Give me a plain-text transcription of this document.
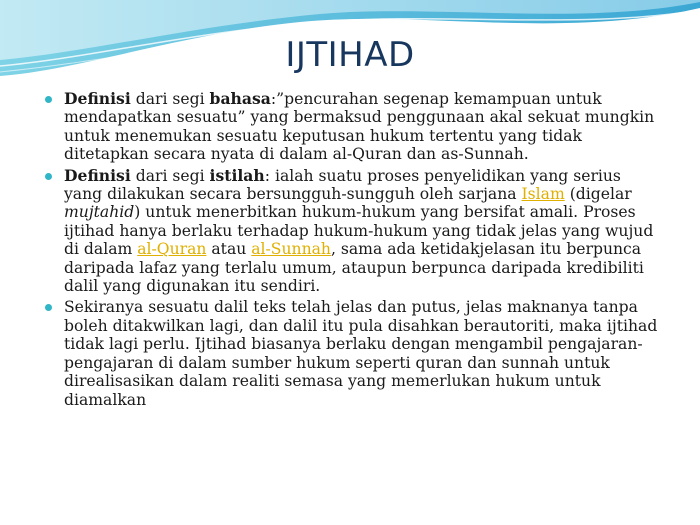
IJTIHAD
Definisi dari segi bahasa:”pencurahan segenap kemampuan untuk mendapatkan sesuatu” yang bermaksud penggunaan akal sekuat mungkin untuk menemukan sesuatu keputusan hukum tertentu yang tidak ditetapkan secara nyata di dalam al-Quran dan as-Sunnah.
Definisi dari segi istilah: ialah suatu proses penyelidikan yang serius yang dilakukan secara bersungguh-sungguh oleh sarjana Islam (digelar mujtahid) untuk menerbitkan hukum-hukum yang bersifat amali. Proses ijtihad hanya berlaku terhadap hukum-hukum yang tidak jelas yang wujud di dalam al-Quran atau al-Sunnah, sama ada ketidakjelasan itu berpunca daripada lafaz yang terlalu umum, ataupun berpunca daripada kredibiliti dalil yang digunakan itu sendiri.
Sekiranya sesuatu dalil teks telah jelas dan putus, jelas maknanya tanpa boleh ditakwilkan lagi, dan dalil itu pula disahkan berautoriti, maka ijtihad tidak lagi perlu. Ijtihad biasanya berlaku dengan mengambil pengajaran-pengajaran di dalam sumber hukum seperti quran dan sunnah untuk direalisasikan dalam realiti semasa yang memerlukan hukum untuk diamalkan
